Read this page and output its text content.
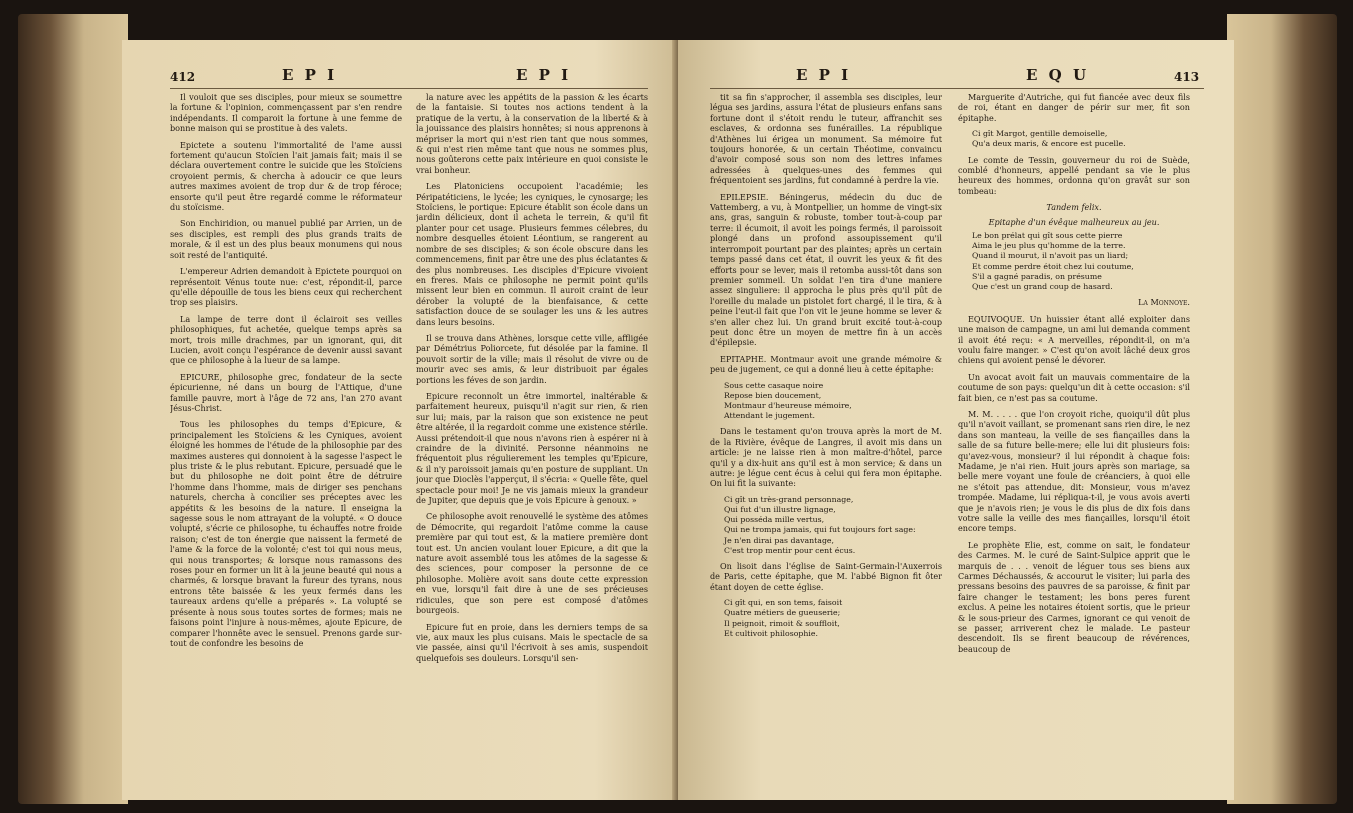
412	E P I	E P I

Il vouloit que ses disciples, pour mieux se soumettre la fortune & l'opinion, commençassent par s'en rendre indépendants. Il comparoit la fortune à une femme de bonne maison qui se prostitue à des valets.

Epictete a soutenu l'immortalité de l'ame aussi fortement qu'aucun Stoïcien l'ait jamais fait; mais il se déclara ouvertement contre le suicide que les Stoïciens croyoient permis, & chercha à adoucir ce que leurs autres maximes avoient de trop dur & de trop féroce; ensorte qu'il peut être regardé comme le réformateur du stoïcisme.

Son Enchiridion, ou manuel publié par Arrien, un de ses disciples, est rempli des plus grands traits de morale, & il est un des plus beaux monumens qui nous soit resté de l'antiquité.

L'empereur Adrien demandoit à Epictete pourquoi on représentoit Vénus toute nue: c'est, répondit-il, parce qu'elle dépouille de tous les biens ceux qui recherchent trop ses plaisirs.

La lampe de terre dont il éclairoit ses veilles philosophiques, fut achetée, quelque temps après sa mort, trois mille drachmes, par un ignorant, qui, dit Lucien, avoit conçu l'espérance de devenir aussi savant que ce philosophe à la lueur de sa lampe.

EPICURE, philosophe grec, fondateur de la secte épicurienne, né dans un bourg de l'Attique, d'une famille pauvre, mort à l'âge de 72 ans, l'an 270 avant Jésus-Christ.

Tous les philosophes du temps d'Epicure, & principalement les Stoïciens & les Cyniques, avoient éloigné les hommes de l'étude de la philosophie par des maximes austeres qui donnoient à la sagesse l'aspect le plus triste & le plus rebutant. Epicure, persuadé que le but du philosophe ne doit point être de détruire l'homme dans l'homme, mais de diriger ses penchans naturels, chercha à concilier ses préceptes avec les appétits & les besoins de la nature. Il enseigna la sagesse sous le nom attrayant de la volupté. « O douce volupté, s'écrie ce philosophe, tu échauffes notre froide raison; c'est de ton énergie que naissent la fermeté de l'ame & la force de la volonté; c'est toi qui nous meus, qui nous transportes; & lorsque nous ramassons des roses pour en former un lit à la jeune beauté qui nous a charmés, & lorsque bravant la fureur des tyrans, nous entrons tête baissée & les yeux fermés dans les taureaux ardens qu'elle a préparés ». La volupté se présente à nous sous toutes sortes de formes; mais ne faisons point l'injure à nous-mêmes, ajoute Epicure, de comparer l'honnête avec le sensuel. Prenons garde sur-tout de confondre les besoins de

la nature avec les appétits de la passion & les écarts de la fantaisie. Si toutes nos actions tendent à la pratique de la vertu, à la conservation de la liberté & à la jouissance des plaisirs honnêtes; si nous apprenons à mépriser la mort qui n'est rien tant que nous sommes, & qui n'est rien même tant que nous ne sommes plus, nous goûterons cette paix intérieure en quoi consiste le vrai bonheur.

Les Platoniciens occupoient l'académie; les Péripatéticiens, le lycée; les cyniques, le cynosarge; les Stoïciens, le portique: Epicure établit son école dans un jardin délicieux, dont il acheta le terrein, & qu'il fit planter pour cet usage. Plusieurs femmes célebres, du nombre desquelles étoient Léontium, se rangerent au nombre de ses disciples; & son école obscure dans les commencemens, finit par être une des plus éclatantes & des plus nombreuses. Les disciples d'Epicure vivoient en freres. Mais ce philosophe ne permit point qu'ils missent leur bien en commun. Il auroit craint de leur dérober la volupté de la bienfaisance, & cette satisfaction douce de se soulager les uns & les autres dans leurs besoins.

Il se trouva dans Athènes, lorsque cette ville, affligée par Démétrius Poliorcete, fut désolée par la famine. Il pouvoit sortir de la ville; mais il résolut de vivre ou de mourir avec ses amis, & leur distribuoit par égales portions les féves de son jardin.

Epicure reconnoît un être immortel, inaltérable & parfaitement heureux, puisqu'il n'agit sur rien, & rien sur lui; mais, par la raison que son existence ne peut être altérée, il la regardoit comme une existence stérile. Aussi prétendoit-il que nous n'avons rien à espérer ni à craindre de la divinité. Personne néanmoins ne fréquentoit plus régulierement les temples qu'Epicure, & il n'y paroissoit jamais qu'en posture de suppliant. Un jour que Dioclès l'apperçut, il s'écria: « Quelle fête, quel spectacle pour moi! Je ne vis jamais mieux la grandeur de Jupiter, que depuis que je vois Epicure à genoux. »

Ce philosophe avoit renouvellé le système des atômes de Démocrite, qui regardoit l'atôme comme la cause première par qui tout est, & la matiere première dont tout est. Un ancien voulant louer Epicure, a dit que la nature avoit assemblé tous les atômes de la sagesse & des sciences, pour composer la personne de ce philosophe. Molière avoit sans doute cette expression en vue, lorsqu'il fait dire à une de ses précieuses ridicules, que son pere est composé d'atômes bourgeois.

Epicure fut en proie, dans les derniers temps de sa vie, aux maux les plus cuisans. Mais le spectacle de sa vie passée, ainsi qu'il l'écrivoit à ses amis, suspendoit quelquefois ses douleurs. Lorsqu'il sen-

E P I	E Q U	413

tit sa fin s'approcher, il assembla ses disciples, leur légua ses jardins, assura l'état de plusieurs enfans sans fortune dont il s'étoit rendu le tuteur, affranchit ses esclaves, & ordonna ses funérailles. La république d'Athènes lui érigea un monument. Sa mémoire fut toujours honorée, & un certain Théotime, convaincu d'avoir composé sous son nom des lettres infames adressées à quelques-unes des femmes qui fréquentoient ses jardins, fut condamné à perdre la vie.

EPILEPSIE. Béningerus, médecin du duc de Vattemberg, a vu, à Montpellier, un homme de vingt-six ans, gras, sanguin & robuste, tomber tout-à-coup par terre: il écumoit, il avoit les poings fermés, il paroissoit plongé dans un profond assoupissement qu'il interrompoit pourtant par des plaintes; après un certain temps passé dans cet état, il ouvrit les yeux & fit des efforts pour se lever, mais il retomba aussi-tôt dans son premier sommeil. Un soldat l'en tira d'une maniere assez singuliere: il approcha le plus près qu'il pût de l'oreille du malade un pistolet fort chargé, il le tira, & à peine l'eut-il fait que l'on vit le jeune homme se lever & s'en aller chez lui. Un grand bruit excité tout-à-coup peut donc être un moyen de mettre fin à un accès d'épilepsie.

EPITAPHE. Montmaur avoit une grande mémoire & peu de jugement, ce qui a donné lieu à cette épitaphe:

Sous cette casaque noire
Repose bien doucement,
Montmaur d'heureuse mémoire,
Attendant le jugement.

Dans le testament qu'on trouva après la mort de M. de la Rivière, évêque de Langres, il avoit mis dans un article: je ne laisse rien à mon maître-d'hôtel, parce qu'il y a dix-huit ans qu'il est à mon service; & dans un autre: je légue cent écus à celui qui fera mon épitaphe. On lui fit la suivante:

Ci gît un très-grand personnage,
Qui fut d'un illustre lignage,
Qui posséda mille vertus,
Qui ne trompa jamais, qui fut toujours fort sage:
Je n'en dirai pas davantage,
C'est trop mentir pour cent écus.

On lisoit dans l'église de Saint-Germain-l'Auxerrois de Paris, cette épitaphe, que M. l'abbé Bignon fit ôter étant doyen de cette église.

Ci gît qui, en son tems, faisoit
Quatre métiers de gueuserie;
Il peignoit, rimoit & souffloit,
Et cultivoit philosophie.

Marguerite d'Autriche, qui fut fiancée avec deux fils de roi, étant en danger de périr sur mer, fit son épitaphe.

Ci gît Margot, gentille demoiselle,
Qu'a deux maris, & encore est pucelle.

Le comte de Tessin, gouverneur du roi de Suède, comblé d'honneurs, appellé pendant sa vie le plus heureux des hommes, ordonna qu'on gravât sur son tombeau:

Tandem felix.
Epitaphe d'un évêque malheureux au jeu.
Le bon prélat qui gît sous cette pierre
Aima le jeu plus qu'homme de la terre.
Quand il mourut, il n'avoit pas un liard;
Et comme perdre étoit chez lui coutume,
S'il a gagné paradis, on présume
Que c'est un grand coup de hasard.
La Monnoye.

EQUIVOQUE. Un huissier étant allé exploiter dans une maison de campagne, un ami lui demanda comment il avoit été reçu: « A merveilles, répondit-il, on m'a voulu faire manger. » C'est qu'on avoit lâché deux gros chiens qui avoient pensé le dévorer.

Un avocat avoit fait un mauvais commentaire de la coutume de son pays: quelqu'un dit à cette occasion: s'il fait bien, ce n'est pas sa coutume.

M. M. . . . . que l'on croyoit riche, quoiqu'il dût plus qu'il n'avoit vaillant, se promenant sans rien dire, le nez dans son manteau, la veille de ses fiançailles dans la salle de sa future belle-mere; elle lui dit plusieurs fois: qu'avez-vous, monsieur? il lui répondit à chaque fois: Madame, je n'ai rien. Huit jours après son mariage, sa belle mere voyant une foule de créanciers, à quoi elle ne s'étoit pas attendue, dit: Monsieur, vous m'avez trompée. Madame, lui répliqua-t-il, je vous avois averti que je n'avois rien; je vous le dis plus de dix fois dans votre salle la veille des mes fiançailles, lorsqu'il étoit encore temps.

Le prophète Elie, est, comme on sait, le fondateur des Carmes. M. le curé de Saint-Sulpice apprit que le marquis de . . . venoit de léguer tous ses biens aux Carmes Déchaussés, & accourut le visiter; lui parla des pressans besoins des pauvres de sa paroisse, & finit par faire changer le testament; les bons peres furent exclus. A peine les notaires étoient sortis, que le prieur & le sous-prieur des Carmes, ignorant ce qui venoit de se passer, arriverent chez le malade. Le pasteur descendoit. Ils se firent beaucoup de révérences, beaucoup de
